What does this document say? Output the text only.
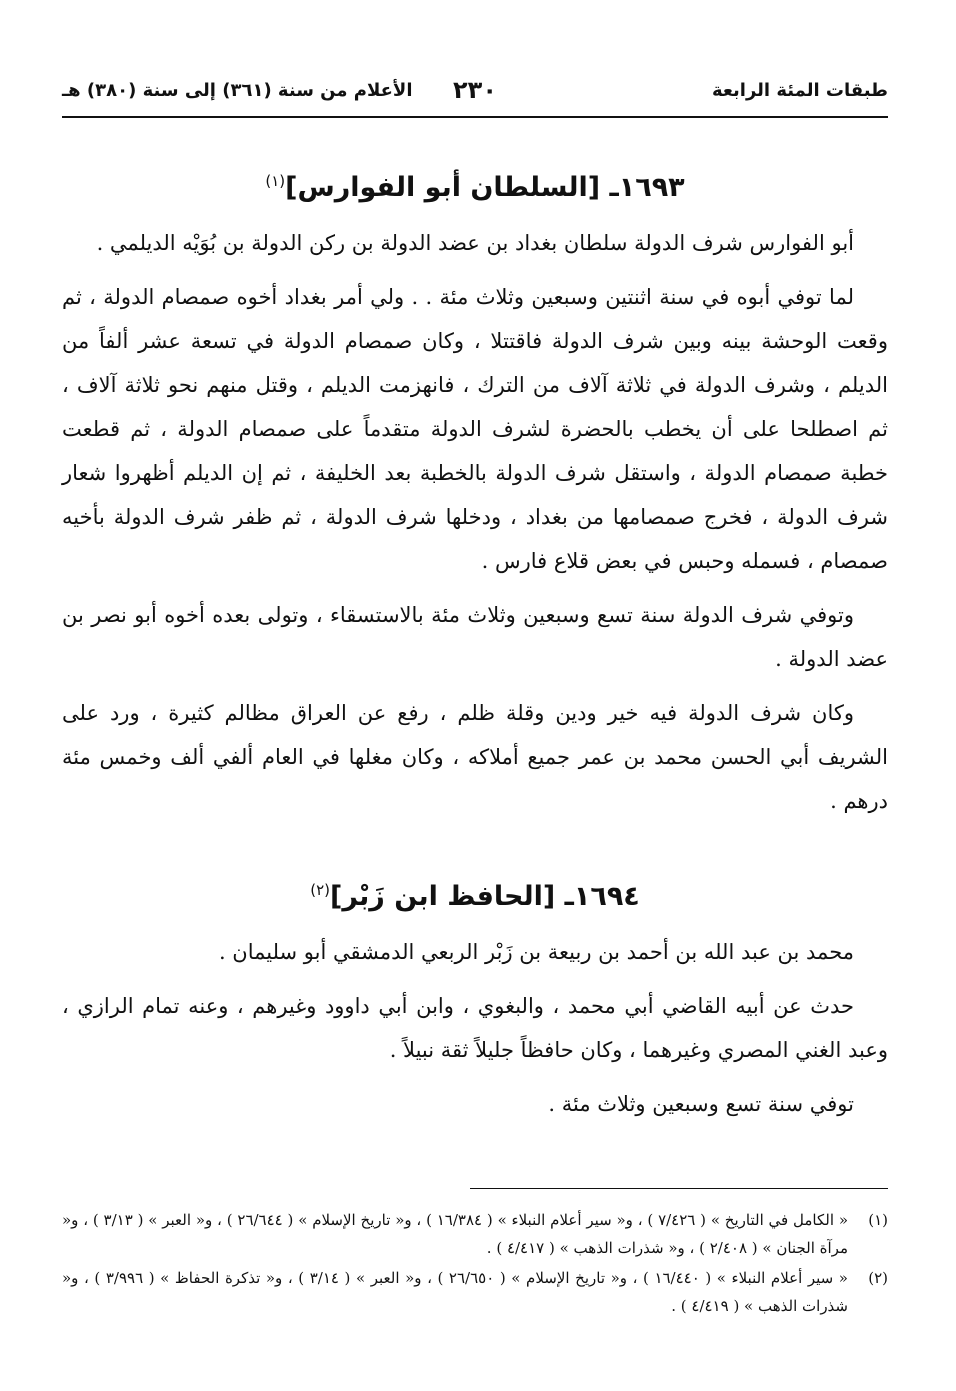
طبقات المئة الرابعة
٢٣٠
الأعلام من سنة (٣٦١) إلى سنة (٣٨٠) هـ
١٦٩٣ـ [السلطان أبو الفوارس]$^{(١)}$

أبو الفوارس شرف الدولة سلطان بغداد بن عضد الدولة بن ركن الدولة بن بُوَيْه الديلمي .

لما توفي أبوه في سنة اثنتين وسبعين وثلاث مئة . . ولي أمر بغداد أخوه صمصام الدولة ، ثم وقعت الوحشة بينه وبين شرف الدولة فاقتتلا ، وكان صمصام الدولة في تسعة عشر ألفاً من الديلم ، وشرف الدولة في ثلاثة آلاف من الترك ، فانهزمت الديلم ، وقتل منهم نحو ثلاثة آلاف ، ثم اصطلحا على أن يخطب بالحضرة لشرف الدولة متقدماً على صمصام الدولة ، ثم قطعت خطبة صمصام الدولة ، واستقل شرف الدولة بالخطبة بعد الخليفة ، ثم إن الديلم أظهروا شعار شرف الدولة ، فخرج صمصامها من بغداد ، ودخلها شرف الدولة ، ثم ظفر شرف الدولة بأخيه صمصام ، فسمله وحبس في بعض قلاع فارس .

وتوفي شرف الدولة سنة تسع وسبعين وثلاث مئة بالاستسقاء ، وتولى بعده أخوه أبو نصر بن عضد الدولة .

وكان شرف الدولة فيه خير ودين وقلة ظلم ، رفع عن العراق مظالم كثيرة ، ورد على الشريف أبي الحسن محمد بن عمر جميع أملاكه ، وكان مغلها في العام ألفي ألف وخمس مئة درهم .

١٦٩٤ـ [الحافظ ابن زَبْر]$^{(٢)}$

محمد بن عبد الله بن أحمد بن ربيعة بن زَبْر الربعي الدمشقي أبو سليمان .

حدث عن أبيه القاضي أبي محمد ، والبغوي ، وابن أبي داوود وغيرهم ، وعنه تمام الرازي ، وعبد الغني المصري وغيرهما ، وكان حافظاً جليلاً ثقة نبيلاً .

توفي سنة تسع وسبعين وثلاث مئة .

(١)
« الكامل في التاريخ » ( ٧/٤٢٦ ) ، و« سير أعلام النبلاء » ( ١٦/٣٨٤ ) ، و« تاريخ الإسلام » ( ٢٦/٦٤٤ ) ، و« العبر » ( ٣/١٣ ) ، و« مرآة الجنان » ( ٢/٤٠٨ ) ، و« شذرات الذهب » ( ٤/٤١٧ ) .
(٢)
« سير أعلام النبلاء » ( ١٦/٤٤٠ ) ، و« تاريخ الإسلام » ( ٢٦/٦٥٠ ) ، و« العبر » ( ٣/١٤ ) ، و« تذكرة الحفاظ » ( ٣/٩٩٦ ) ، و« شذرات الذهب » ( ٤/٤١٩ ) .
